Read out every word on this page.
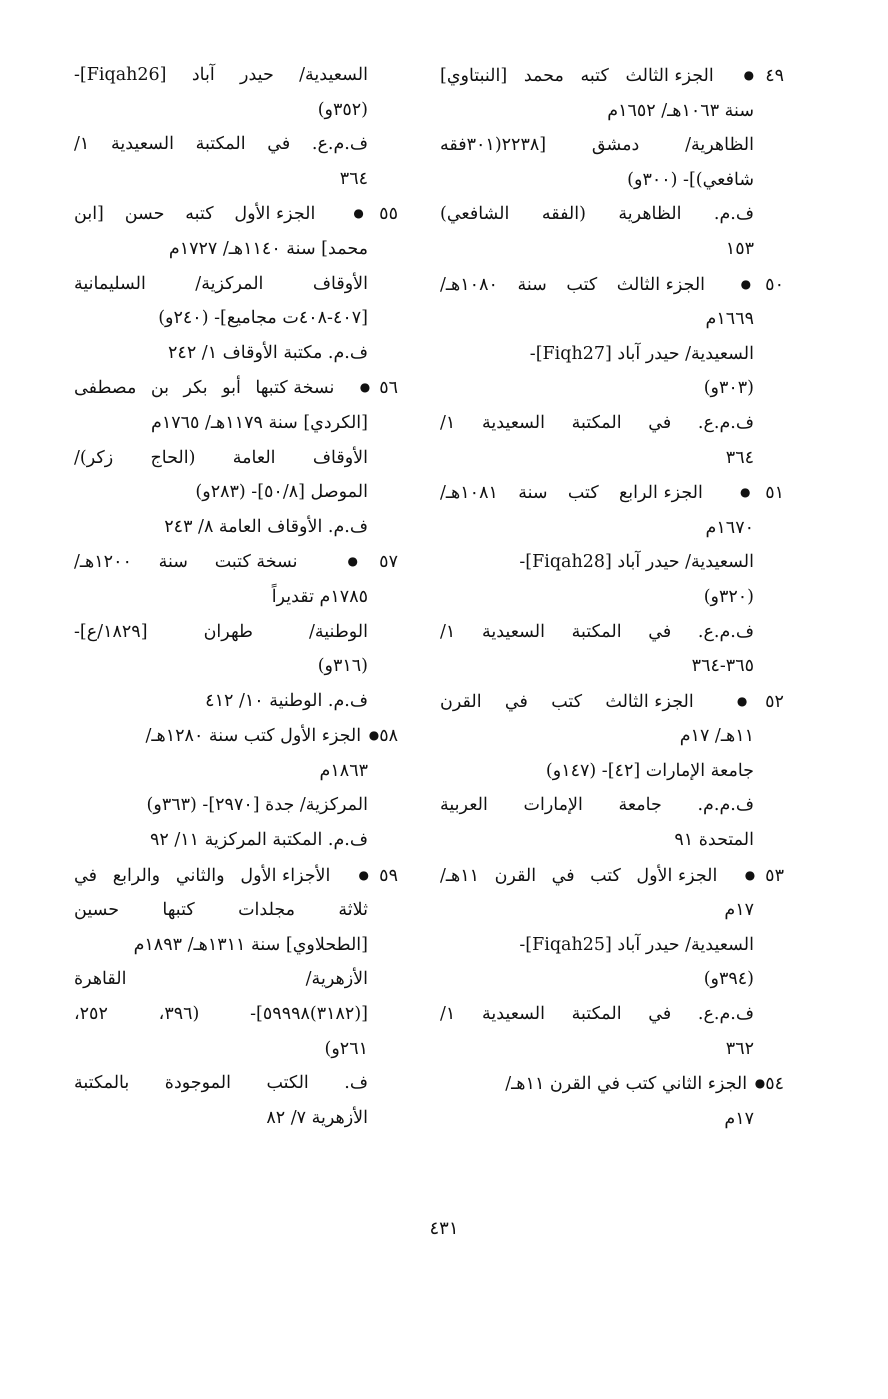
٤٩● الجزء الثالث كتبه محمد [النبتاوي]
سنة ١٠٦٣هـ/ ١٦٥٢م
الظاهرية/ دمشق [٢٢٣٨(٣٠١فقه
شافعي)]- (٣٠٠و)
ف.م. الظاهرية (الفقه الشافعي)
١٥٣
٥٠● الجزء الثالث كتب سنة ١٠٨٠هـ/
١٦٦٩م
السعيدية/ حيدر آباد [Fiqh27]-
(٣٠٣و)
ف.م.ع. في المكتبة السعيدية ١/
٣٦٤
٥١● الجزء الرابع كتب سنة ١٠٨١هـ/
١٦٧٠م
السعيدية/ حيدر آباد [Fiqah28]-
(٣٢٠و)
ف.م.ع. في المكتبة السعيدية ١/
٣٦٥-٣٦٤
٥٢● الجزء الثالث كتب في القرن
١١هـ/ ١٧م
جامعة الإمارات [٤٢]- (١٤٧و)
ف.م.م. جامعة الإمارات العربية
المتحدة ٩١
٥٣● الجزء الأول كتب في القرن ١١هـ/
١٧م
السعيدية/ حيدر آباد [Fiqah25]-
(٣٩٤و)
ف.م.ع. في المكتبة السعيدية ١/
٣٦٢
٥٤● الجزء الثاني كتب في القرن ١١هـ/
١٧م
السعيدية/ حيدر آباد [Fiqah26]-
(٣٥٢و)
ف.م.ع. في المكتبة السعيدية ١/
٣٦٤
٥٥● الجزء الأول كتبه حسن [ابن
محمد] سنة ١١٤٠هـ/ ١٧٢٧م
الأوقاف المركزية/ السليمانية
[٤٠٧-٤٠٨ت مجاميع]- (٢٤٠و)
ف.م. مكتبة الأوقاف ١/ ٢٤٢
٥٦● نسخة كتبها أبو بكر بن مصطفى
[الكردي] سنة ١١٧٩هـ/ ١٧٦٥م
الأوقاف العامة (الحاج زكر)/
الموصل [٥٠/٨]- (٢٨٣و)
ف.م. الأوقاف العامة ٨/ ٢٤٣
٥٧● نسخة كتبت سنة ١٢٠٠هـ/
١٧٨٥م تقديراً
الوطنية/ طهران [١٨٢٩/ع]-
(٣١٦و)
ف.م. الوطنية ١٠/ ٤١٢
٥٨● الجزء الأول كتب سنة ١٢٨٠هـ/
١٨٦٣م
المركزية/ جدة [٢٩٧٠]- (٣٦٣و)
ف.م. المكتبة المركزية ١١/ ٩٢
٥٩● الأجزاء الأول والثاني والرابع في
ثلاثة مجلدات كتبها حسين
[الطحلاوي] سنة ١٣١١هـ/ ١٨٩٣م
الأزهرية/ القاهرة
[(٣١٨٢)٥٩٩٩٨]- (٣٩٦، ٢٥٢،
٢٦١و)
ف. الكتب الموجودة بالمكتبة
الأزهرية ٧/ ٨٢
٤٣١
